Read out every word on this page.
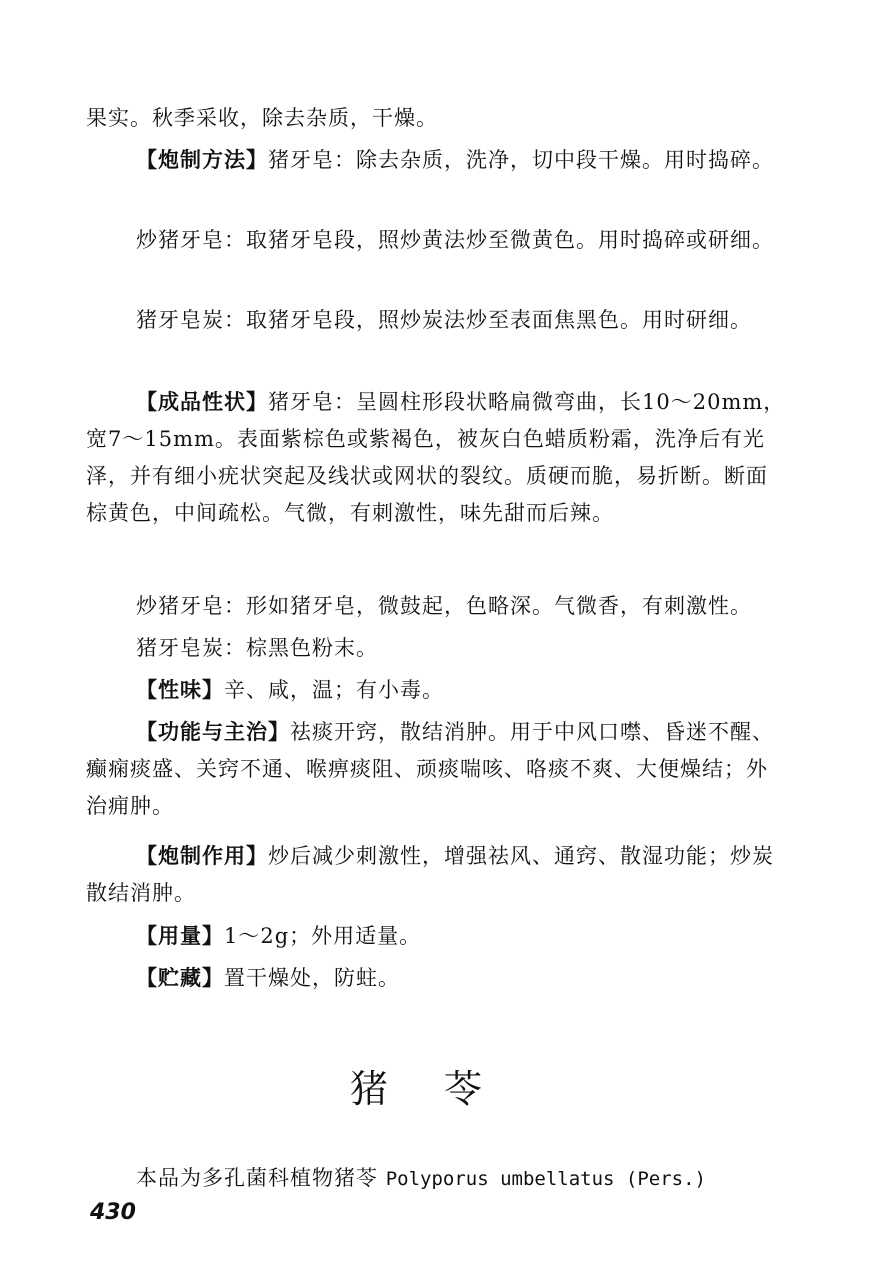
果实。秋季采收，除去杂质，干燥。

【炮制方法】猪牙皂：除去杂质，洗净，切中段干燥。用时捣碎。

炒猪牙皂：取猪牙皂段，照炒黄法炒至微黄色。用时捣碎或研细。

猪牙皂炭：取猪牙皂段，照炒炭法炒至表面焦黑色。用时研细。

【成品性状】猪牙皂：呈圆柱形段状略扁微弯曲，长10～20mm，宽7～15mm。表面紫棕色或紫褐色，被灰白色蜡质粉霜，洗净后有光泽，并有细小疣状突起及线状或网状的裂纹。质硬而脆，易折断。断面棕黄色，中间疏松。气微，有刺激性，味先甜而后辣。

炒猪牙皂：形如猪牙皂，微鼓起，色略深。气微香，有刺激性。

猪牙皂炭：棕黑色粉末。

【性味】辛、咸，温；有小毒。

【功能与主治】祛痰开窍，散结消肿。用于中风口噤、昏迷不醒、癫痫痰盛、关窍不通、喉痹痰阻、顽痰喘咳、咯痰不爽、大便燥结；外治痈肿。

【炮制作用】炒后减少刺激性，增强祛风、通窍、散湿功能；炒炭散结消肿。

【用量】1～2g；外用适量。

【贮藏】置干燥处，防蛀。

猪苓

本品为多孔菌科植物猪苓 Polyporus umbellatus (Pers.)

430
